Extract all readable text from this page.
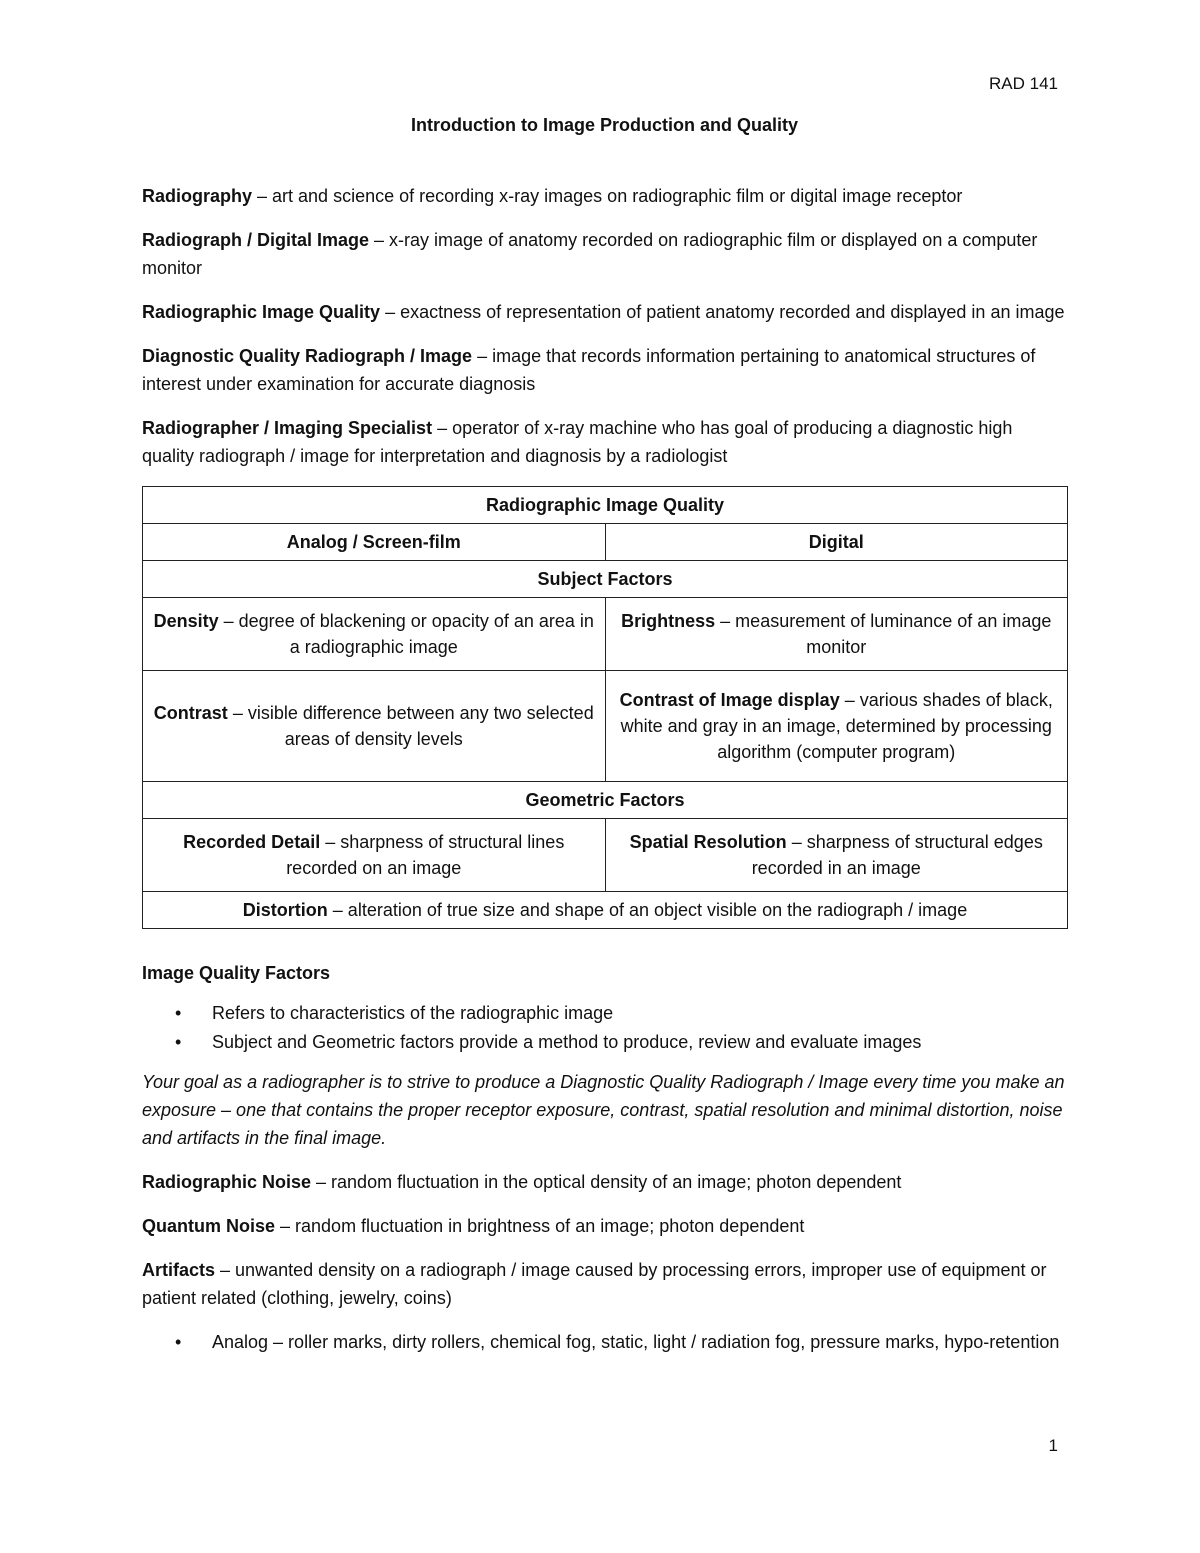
RAD 141
Introduction to Image Production and Quality

Radiography – art and science of recording x-ray images on radiographic film or digital image receptor

Radiograph / Digital Image – x-ray image of anatomy recorded on radiographic film or displayed on a computer monitor

Radiographic Image Quality – exactness of representation of patient anatomy recorded and displayed in an image

Diagnostic Quality Radiograph / Image – image that records information pertaining to anatomical structures of interest under examination for accurate diagnosis

Radiographer / Imaging Specialist – operator of x-ray machine who has goal of producing a diagnostic high quality radiograph / image for interpretation and diagnosis by a radiologist

Radiographic Image Quality	
Analog / Screen-film	Digital
Subject Factors	
Density – degree of blackening or opacity of an area in a radiographic image	Brightness – measurement of luminance of an image monitor
Contrast – visible difference between any two selected areas of density levels	Contrast of Image display – various shades of black, white and gray in an image, determined by processing algorithm (computer program)
Geometric Factors	
Recorded Detail – sharpness of structural lines recorded on an image	Spatial Resolution – sharpness of structural edges recorded in an image
Distortion – alteration of true size and shape of an object visible on the radiograph / image	
Image Quality Factors
• Refers to characteristics of the radiographic image
• Subject and Geometric factors provide a method to produce, review and evaluate images

Your goal as a radiographer is to strive to produce a Diagnostic Quality Radiograph / Image every time you make an exposure – one that contains the proper receptor exposure, contrast, spatial resolution and minimal distortion, noise and artifacts in the final image.

Radiographic Noise – random fluctuation in the optical density of an image; photon dependent

Quantum Noise – random fluctuation in brightness of an image; photon dependent

Artifacts – unwanted density on a radiograph / image caused by processing errors, improper use of equipment or patient related (clothing, jewelry, coins)

• Analog – roller marks, dirty rollers, chemical fog, static, light / radiation fog, pressure marks, hypo-retention
1
